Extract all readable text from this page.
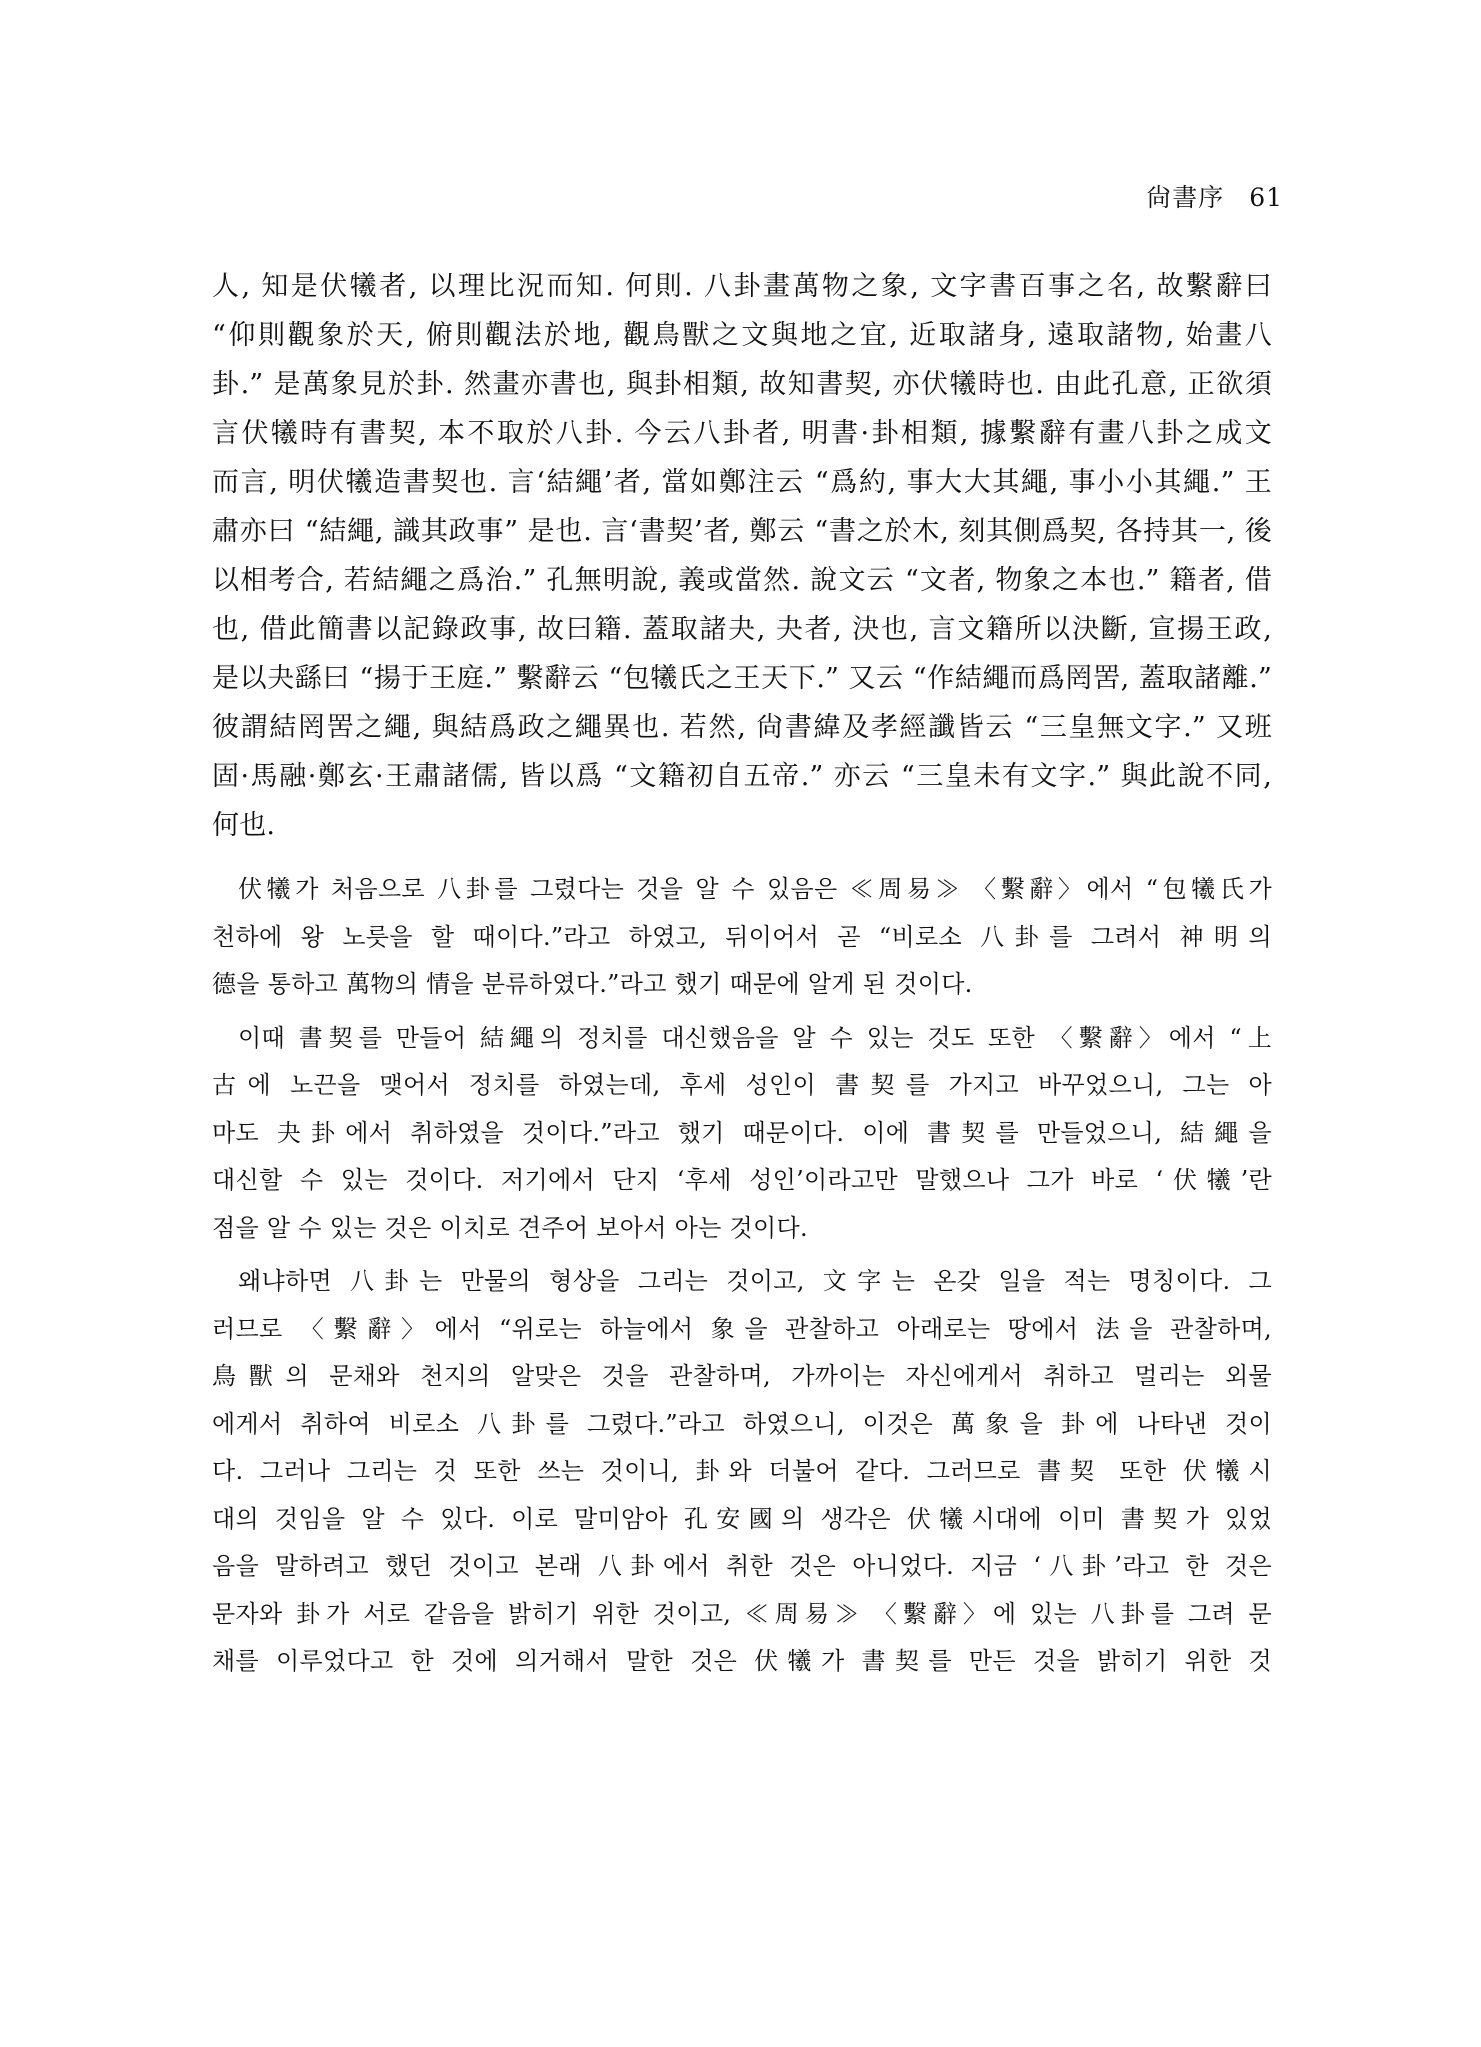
尙書序 61
人, 知是伏犧者, 以理比況而知. 何則. 八卦畫萬物之象, 文字書百事之名, 故繫辭曰
“仰則觀象於天, 俯則觀法於地, 觀鳥獸之文與地之宜, 近取諸身, 遠取諸物, 始畫八
卦.” 是萬象見於卦. 然畫亦書也, 與卦相類, 故知書契, 亦伏犧時也. 由此孔意, 正欲須
言伏犧時有書契, 本不取於八卦. 今云八卦者, 明書·卦相類, 據繫辭有畫八卦之成文
而言, 明伏犧造書契也. 言‘結繩’者, 當如鄭注云 “爲約, 事大大其繩, 事小小其繩.” 王
肅亦曰 “結繩, 識其政事” 是也. 言‘書契’者, 鄭云 “書之於木, 刻其側爲契, 各持其一, 後
以相考合, 若結繩之爲治.” 孔無明說, 義或當然. 說文云 “文者, 物象之本也.” 籍者, 借
也, 借此簡書以記錄政事, 故曰籍. 蓋取諸夬, 夬者, 決也, 言文籍所以決斷, 宣揚王政,
是以夬繇曰 “揚于王庭.” 繫辭云 “包犧氏之王天下.” 又云 “作結繩而爲罔罟, 蓋取諸離.”
彼謂結罔罟之繩, 與結爲政之繩異也. 若然, 尙書緯及孝經讖皆云 “三皇無文字.” 又班
固·馬融·鄭玄·王肅諸儒, 皆以爲 “文籍初自五帝.” 亦云 “三皇未有文字.” 與此說不同,
何也.
伏犧가 처음으로 八卦를 그렸다는 것을 알 수 있음은 ≪周易≫ 〈繫辭〉에서 “包犧氏가
천하에 왕 노릇을 할 때이다.”라고 하였고, 뒤이어서 곧 “비로소 八卦를 그려서 神明의
德을 통하고 萬物의 情을 분류하였다.”라고 했기 때문에 알게 된 것이다.
이때 書契를 만들어 結繩의 정치를 대신했음을 알 수 있는 것도 또한 〈繫辭〉에서 “上
古에 노끈을 맺어서 정치를 하였는데, 후세 성인이 書契를 가지고 바꾸었으니, 그는 아
마도 夬卦에서 취하였을 것이다.”라고 했기 때문이다. 이에 書契를 만들었으니, 結繩을
대신할 수 있는 것이다. 저기에서 단지 ‘후세 성인’이라고만 말했으나 그가 바로 ‘伏犧’란
점을 알 수 있는 것은 이치로 견주어 보아서 아는 것이다.
왜냐하면 八卦는 만물의 형상을 그리는 것이고, 文字는 온갖 일을 적는 명칭이다. 그
러므로 〈繫辭〉에서 “위로는 하늘에서 象을 관찰하고 아래로는 땅에서 法을 관찰하며,
鳥獸의 문채와 천지의 알맞은 것을 관찰하며, 가까이는 자신에게서 취하고 멀리는 외물
에게서 취하여 비로소 八卦를 그렸다.”라고 하였으니, 이것은 萬象을 卦에 나타낸 것이
다. 그러나 그리는 것 또한 쓰는 것이니, 卦와 더불어 같다. 그러므로 書契 또한 伏犧시
대의 것임을 알 수 있다. 이로 말미암아 孔安國의 생각은 伏犧시대에 이미 書契가 있었
음을 말하려고 했던 것이고 본래 八卦에서 취한 것은 아니었다. 지금 ‘八卦’라고 한 것은
문자와 卦가 서로 같음을 밝히기 위한 것이고, ≪周易≫ 〈繫辭〉에 있는 八卦를 그려 문
채를 이루었다고 한 것에 의거해서 말한 것은 伏犧가 書契를 만든 것을 밝히기 위한 것
